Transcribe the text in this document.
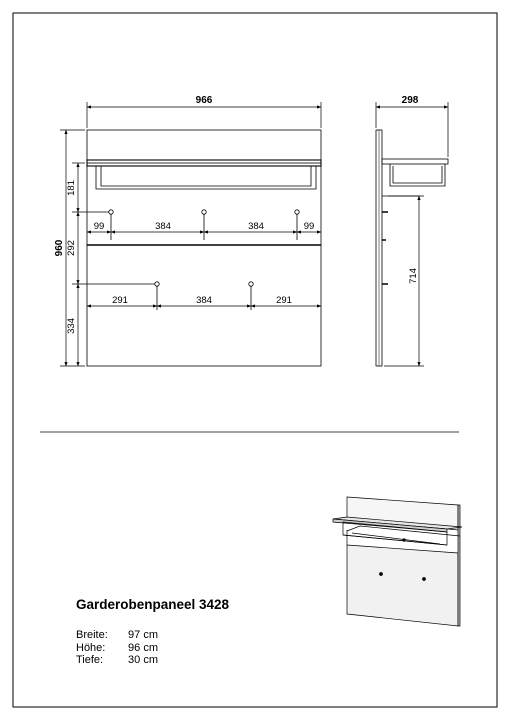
966
960
181
292
334
99	384	384	99
291	384	291
298
714
Garderobenpaneel 3428
Breite:	97 cm
Höhe:	96 cm
Tiefe:	30 cm
